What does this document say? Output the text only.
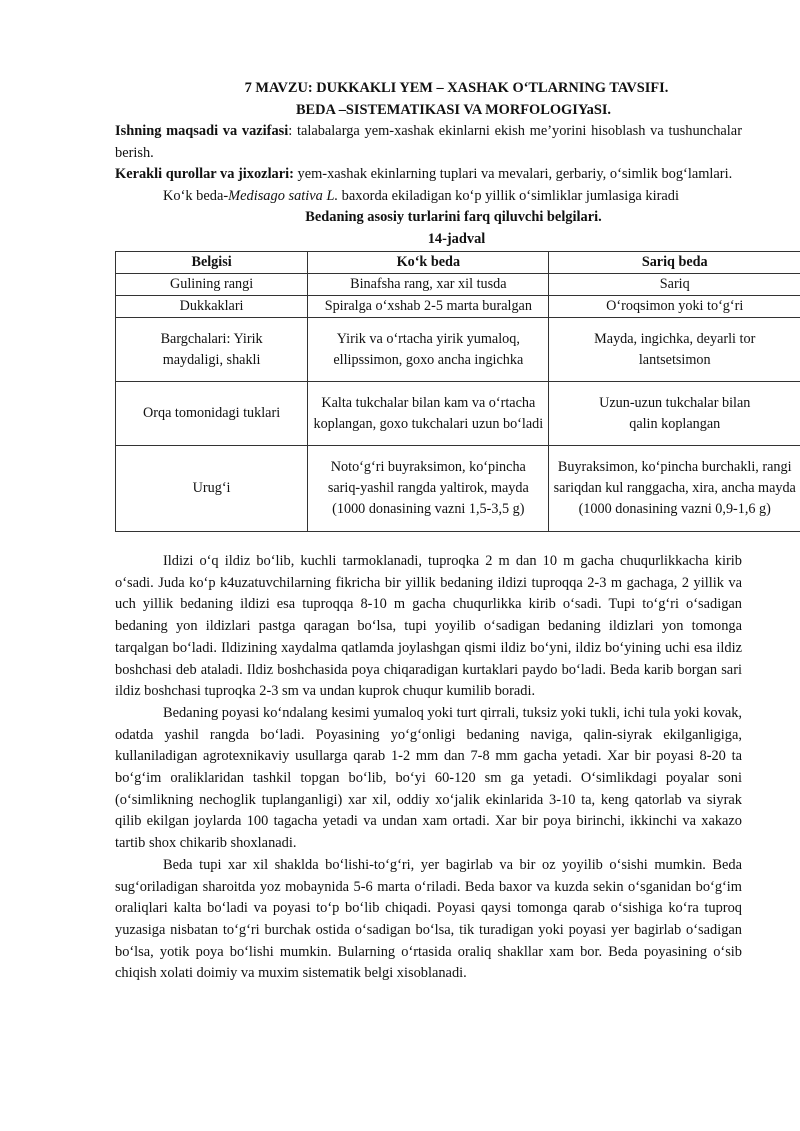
7 MAVZU: DUKKAKLI YEM – XASHAK O‘TLARNING TAVSIFI.

BEDA –SISTEMATIKASI VA MORFOLOGIYaSI.

Ishning maqsadi va vazifasi: talabalarga yem-xashak ekinlarni ekish me’yorini hisoblash va tushunchalar berish.

Kerakli qurollar va jixozlari: yem-xashak ekinlarning tuplari va mevalari, gerbariy, o‘simlik bog‘lamlari.

Ko‘k beda-Medisago sativa L. baxorda ekiladigan ko‘p yillik o‘simliklar jumlasiga kiradi

Bedaning asosiy turlarini farq qiluvchi belgilari.

14-jadval

Belgisi	Ko‘k beda	Sariq beda
Gulining rangi	Binafsha rang, xar xil tusda	Sariq
Dukkaklari	Spiralga o‘xshab 2-5 marta buralgan	O‘roqsimon yoki to‘g‘ri
Bargchalari: Yirik maydaligi, shakli	Yirik va o‘rtacha yirik yumaloq, ellipssimon, goxo ancha ingichka	Mayda, ingichka, deyarli tor lantsetsimon
Orqa tomonidagi tuklari	Kalta tukchalar bilan kam va o‘rtacha koplangan, goxo tukchalari uzun bo‘ladi	Uzun-uzun tukchalar bilan qalin koplangan
Urug‘i	Noto‘g‘ri buyraksimon, ko‘pincha sariq-yashil rangda yaltirok, mayda (1000 donasining vazni 1,5-3,5 g)	Buyraksimon, ko‘pincha burchakli, rangi sariqdan kul ranggacha, xira, ancha mayda (1000 donasining vazni 0,9-1,6 g)

Ildizi o‘q ildiz bo‘lib, kuchli tarmoklanadi, tuproqka 2 m dan 10 m gacha chuqurlikkacha kirib o‘sadi. Juda ko‘p k4uzatuvchilarning fikricha bir yillik bedaning ildizi tuproqqa 2-3 m gachaga, 2 yillik va uch yillik bedaning ildizi esa tuproqqa 8-10 m gacha chuqurlikka kirib o‘sadi. Tupi to‘g‘ri o‘sadigan bedaning yon ildizlari pastga qaragan bo‘lsa, tupi yoyilib o‘sadigan bedaning ildizlari yon tomonga tarqalgan bo‘ladi. Ildizining xaydalma qatlamda joylashgan qismi ildiz bo‘yni, ildiz bo‘yining uchi esa ildiz boshchasi deb ataladi. Ildiz boshchasida poya chiqaradigan kurtaklari paydo bo‘ladi. Beda karib borgan sari ildiz boshchasi tuproqka 2-3 sm va undan kuprok chuqur kumilib boradi.

Bedaning poyasi ko‘ndalang kesimi yumaloq yoki turt qirrali, tuksiz yoki tukli, ichi tula yoki kovak, odatda yashil rangda bo‘ladi. Poyasining yo‘g‘onligi bedaning naviga, qalin-siyrak ekilganligiga, kullaniladigan agrotexnikaviy usullarga qarab 1-2 mm dan 7-8 mm gacha yetadi. Xar bir poyasi 8-20 ta bo‘g‘im oraliklaridan tashkil topgan bo‘lib, bo‘yi 60-120 sm ga yetadi. O‘simlikdagi poyalar soni (o‘simlikning nechoglik tuplanganligi) xar xil, oddiy xo‘jalik ekinlarida 3-10 ta, keng qatorlab va siyrak qilib ekilgan joylarda 100 tagacha yetadi va undan xam ortadi. Xar bir poya birinchi, ikkinchi va xakazo tartib shox chikarib shoxlanadi.

Beda tupi xar xil shaklda bo‘lishi-to‘g‘ri, yer bagirlab va bir oz yoyilib o‘sishi mumkin. Beda sug‘oriladigan sharoitda yoz mobaynida 5-6 marta o‘riladi. Beda baxor va kuzda sekin o‘sganidan bo‘g‘im oraliqlari kalta bo‘ladi va poyasi to‘p bo‘lib chiqadi. Poyasi qaysi tomonga qarab o‘sishiga ko‘ra tuproq yuzasiga nisbatan to‘g‘ri burchak ostida o‘sadigan bo‘lsa, tik turadigan yoki poyasi yer bagirlab o‘sadigan bo‘lsa, yotik poya bo‘lishi mumkin. Bularning o‘rtasida oraliq shakllar xam bor. Beda poyasining o‘sib chiqish xolati doimiy va muxim sistematik belgi xisoblanadi.
